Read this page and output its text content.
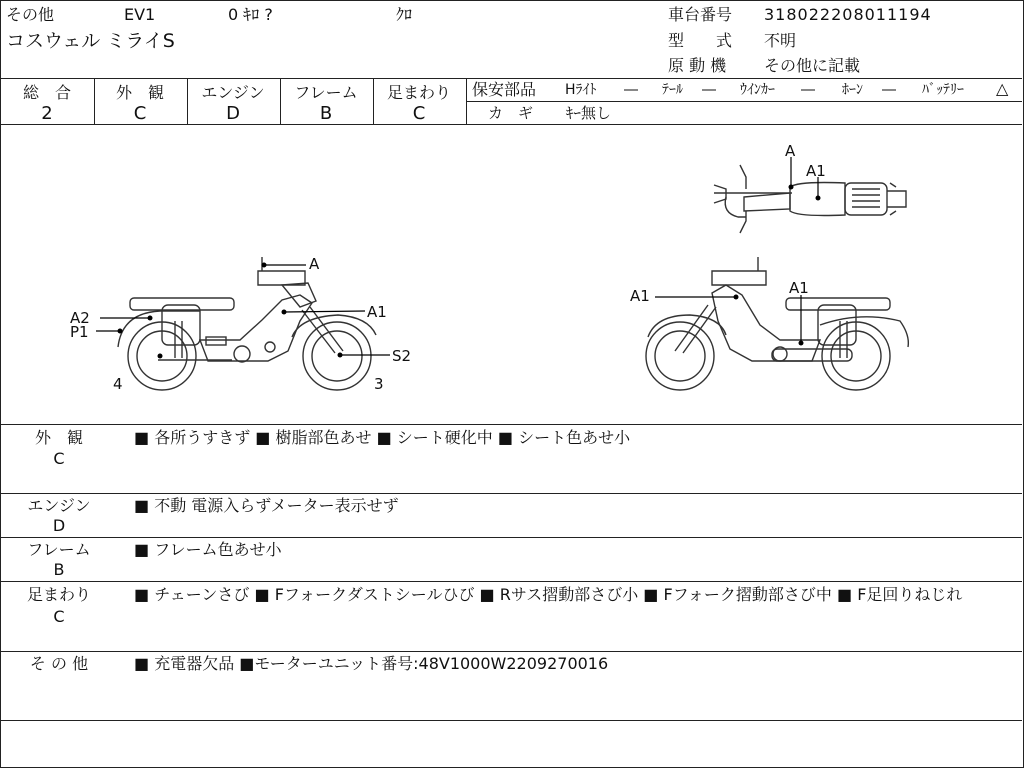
その他	EV1	0 ｷﾛ ?	ｸﾛ
コスウェル ミライS
車台番号 318022208011194
型　　式 不明
原 動 機 その他に記載
総　合
2
外　観
C
エンジン
D
フレーム
B
足まわり
C
保安部品 Hﾗｲﾄ ― ﾃｰﾙ ― ｳｲﾝｶｰ ― ﾎｰﾝ ― ﾊﾞｯﾃﾘｰ △
カ　ギ ｷｰ無し
A
A1
A2
P1
S2
4	3
A1	A1
A
A1
外　観
C
■ 各所うすきず ■ 樹脂部色あせ ■ シート硬化中 ■ シート色あせ小
エンジン
D
■ 不動 電源入らずメーター表示せず
フレーム
B
■ フレーム色あせ小
足まわり
C
■ チェーンさび ■ Fフォークダストシールひび ■ Rサス摺動部さび小 ■ Fフォーク摺動部さび中 ■ F足回りねじれ
そ の 他	■ 充電器欠品 ■モーターユニット番号:48V1000W2209270016
